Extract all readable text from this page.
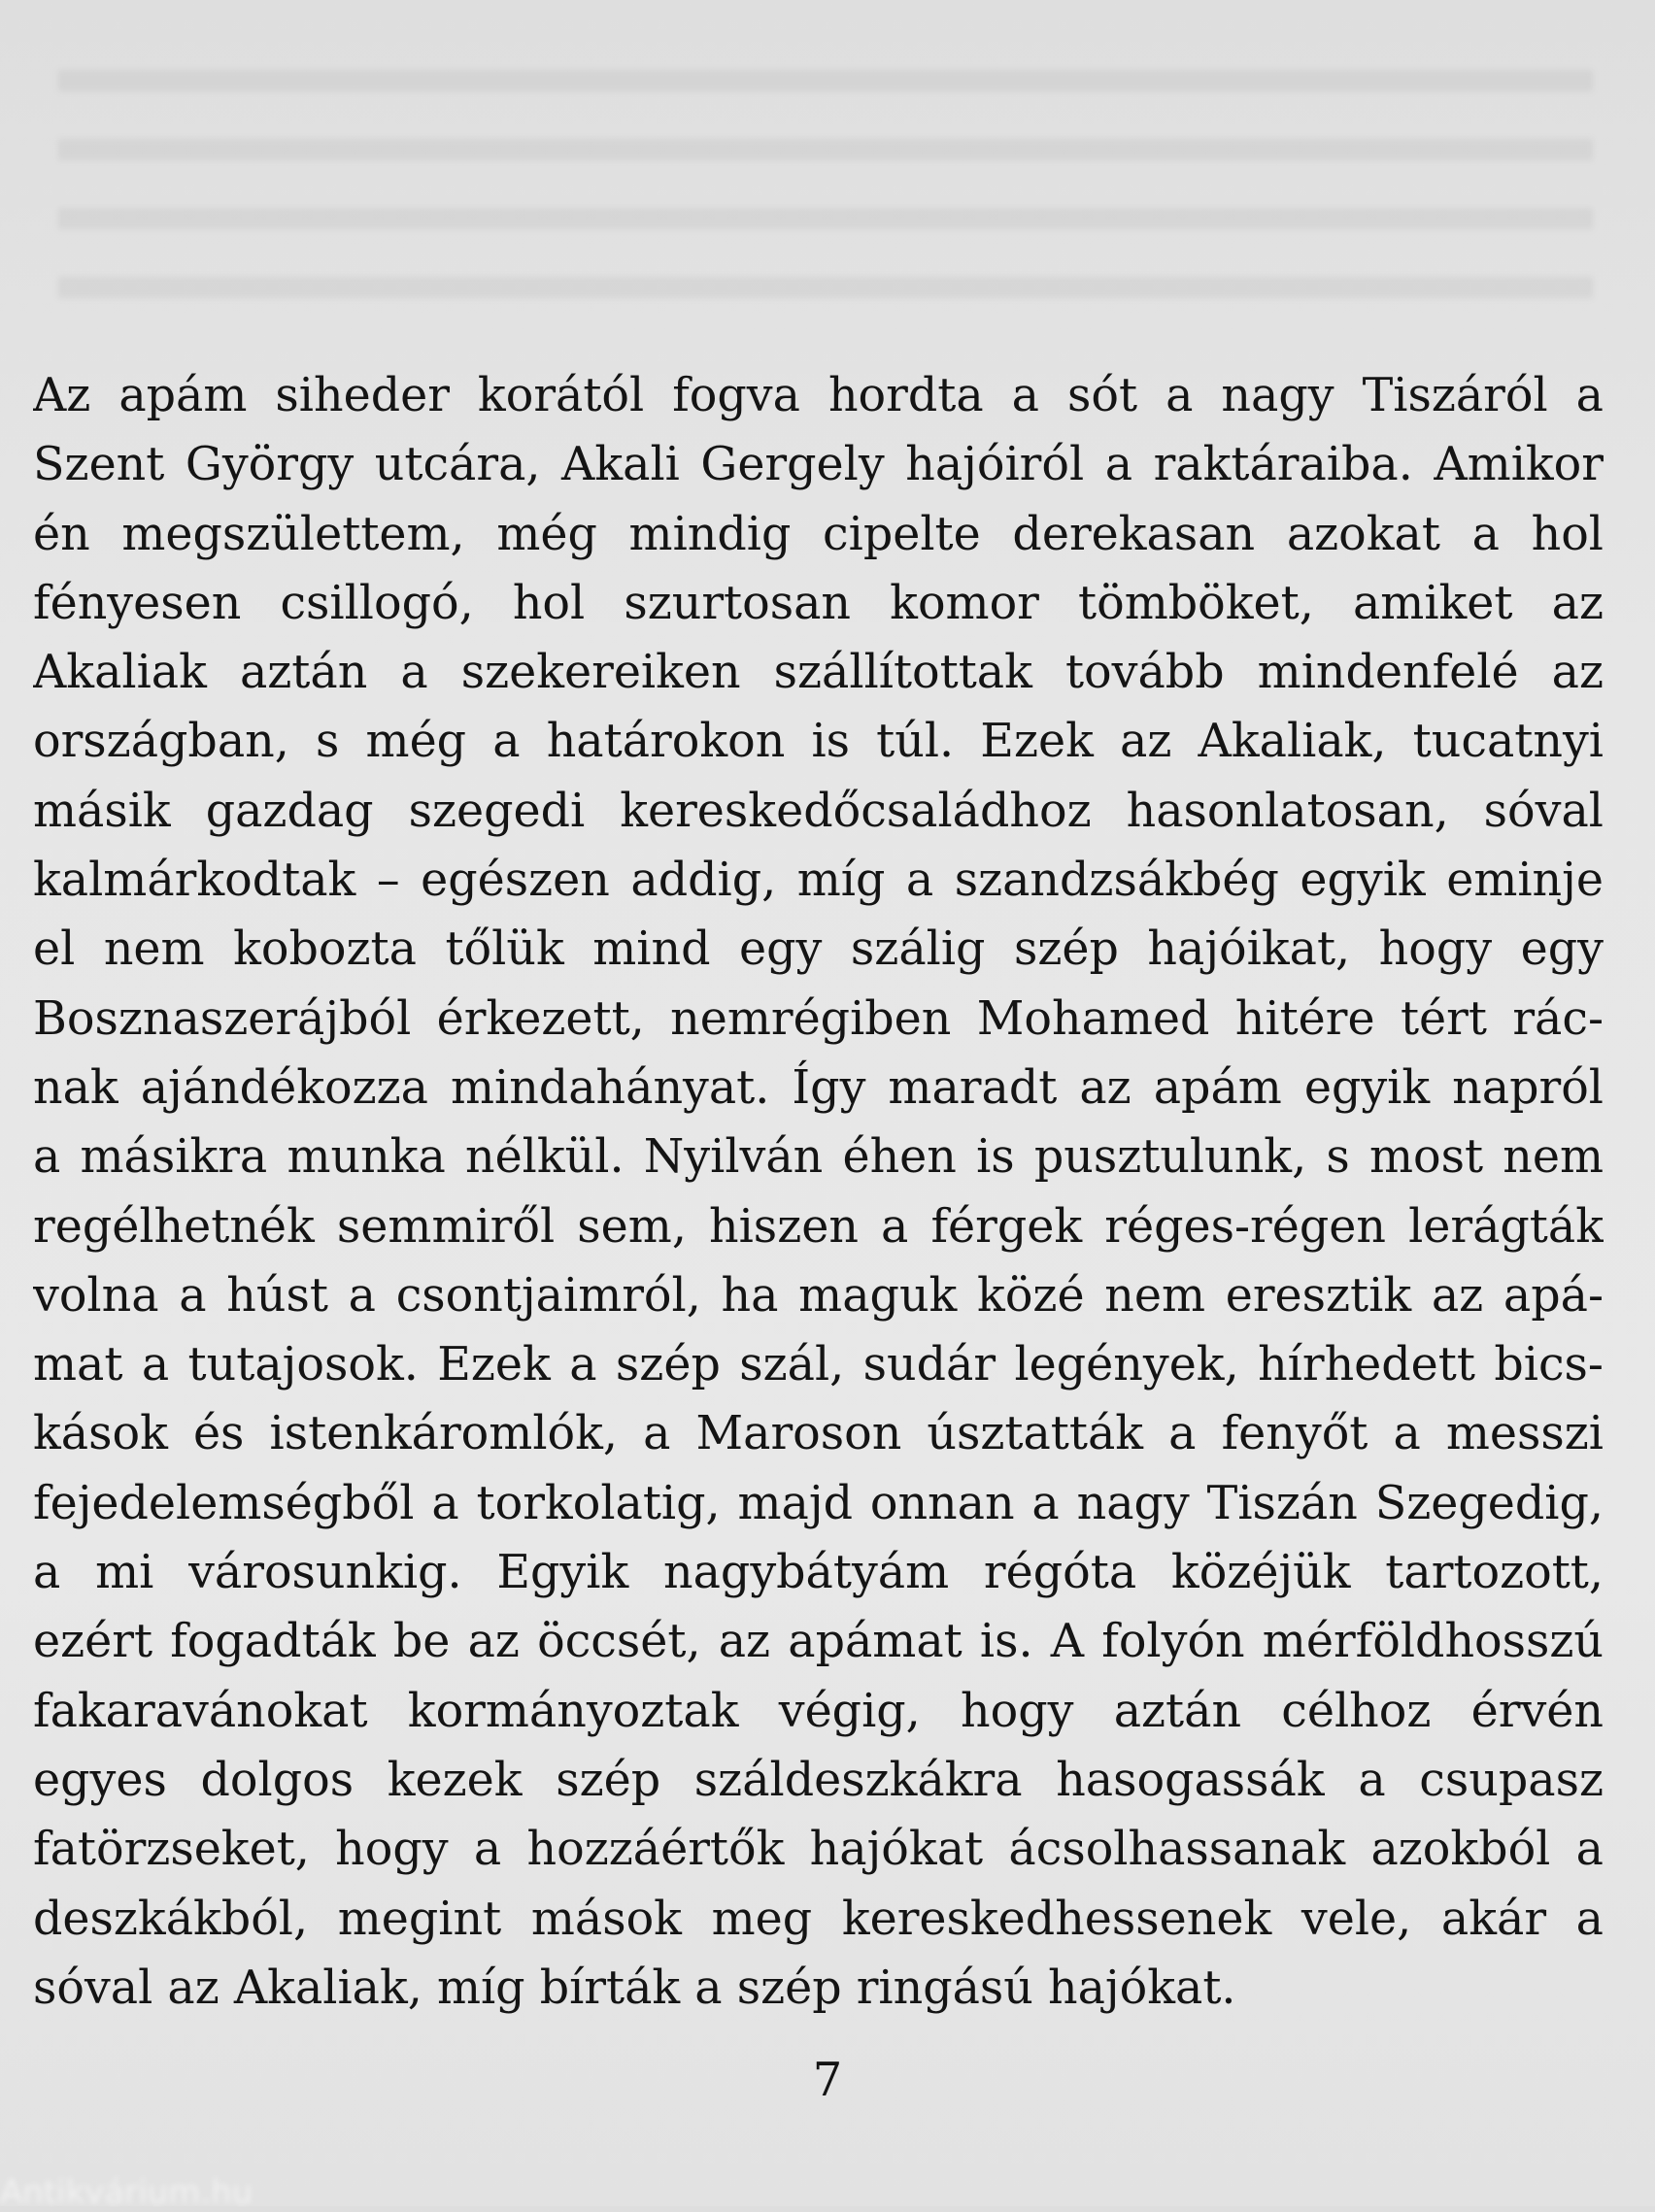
Az apám siheder korától fogva hordta a sót a nagy Tiszáról a
Szent György utcára, Akali Gergely hajóiról a raktáraiba. Amikor
én megszülettem, még mindig cipelte derekasan azokat a hol
fényesen csillogó, hol szurtosan komor tömböket, amiket az
Akaliak aztán a szekereiken szállítottak tovább mindenfelé az
országban, s még a határokon is túl. Ezek az Akaliak, tucatnyi
másik gazdag szegedi kereskedőcsaládhoz hasonlatosan, sóval
kalmárkodtak – egészen addig, míg a szandzsákbég egyik eminje
el nem kobozta tőlük mind egy szálig szép hajóikat, hogy egy
Bosznaszerájból érkezett, nemrégiben Mohamed hitére tért rác-
nak ajándékozza mindahányat. Így maradt az apám egyik napról
a másikra munka nélkül. Nyilván éhen is pusztulunk, s most nem
regélhetnék semmiről sem, hiszen a férgek réges-régen lerágták
volna a húst a csontjaimról, ha maguk közé nem eresztik az apá-
mat a tutajosok. Ezek a szép szál, sudár legények, hírhedett bics-
kások és istenkáromlók, a Maroson úsztatták a fenyőt a messzi
fejedelemségből a torkolatig, majd onnan a nagy Tiszán Szegedig,
a mi városunkig. Egyik nagybátyám régóta közéjük tartozott,
ezért fogadták be az öccsét, az apámat is. A folyón mérföldhosszú
fakaravánokat kormányoztak végig, hogy aztán célhoz érvén
egyes dolgos kezek szép száldeszkákra hasogassák a csupasz
fatörzseket, hogy a hozzáértők hajókat ácsolhassanak azokból a
deszkákból, megint mások meg kereskedhessenek vele, akár a
sóval az Akaliak, míg bírták a szép ringású hajókat.
7
Antikvárium.hu
